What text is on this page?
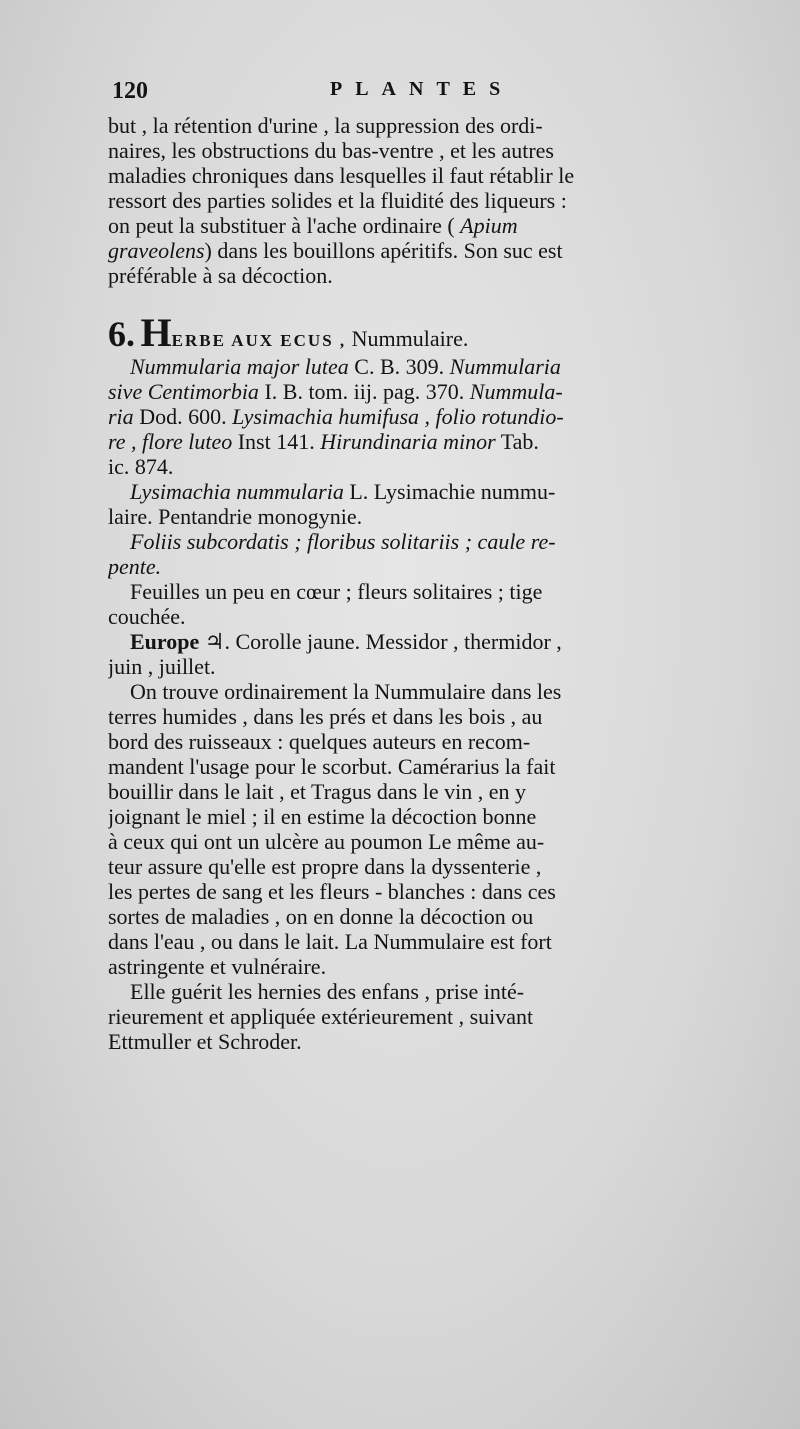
120	PLANTES
but , la rétention d'urine , la suppression des ordi-
naires, les obstructions du bas-ventre , et les autres
maladies chroniques dans lesquelles il faut rétablir le
ressort des parties solides et la fluidité des liqueurs :
on peut la substituer à l'ache ordinaire ( Apium
graveolens) dans les bouillons apéritifs. Son suc est
préférable à sa décoction.
6. HERBE AUX ECUS , Nummulaire.
Nummularia major lutea C. B. 309. Nummularia
sive Centimorbia I. B. tom. iij. pag. 370. Nummula-
ria Dod. 600. Lysimachia humifusa , folio rotundio-
re , flore luteo Inst 141. Hirundinaria minor Tab.
ic. 874.
Lysimachia nummularia L. Lysimachie nummu-
laire. Pentandrie monogynie.
Foliis subcordatis ; floribus solitariis ; caule re-
pente.
Feuilles un peu en cœur ; fleurs solitaires ; tige
couchée.
Europe ♃. Corolle jaune. Messidor , thermidor ,
juin , juillet.
On trouve ordinairement la Nummulaire dans les
terres humides , dans les prés et dans les bois , au
bord des ruisseaux : quelques auteurs en recom-
mandent l'usage pour le scorbut. Camérarius la fait
bouillir dans le lait , et Tragus dans le vin , en y
joignant le miel ; il en estime la décoction bonne
à ceux qui ont un ulcère au poumon Le même au-
teur assure qu'elle est propre dans la dyssenterie ,
les pertes de sang et les fleurs - blanches : dans ces
sortes de maladies , on en donne la décoction ou
dans l'eau , ou dans le lait. La Nummulaire est fort
astringente et vulnéraire.
Elle guérit les hernies des enfans , prise inté-
rieurement et appliquée extérieurement , suivant
Ettmuller et Schroder.
